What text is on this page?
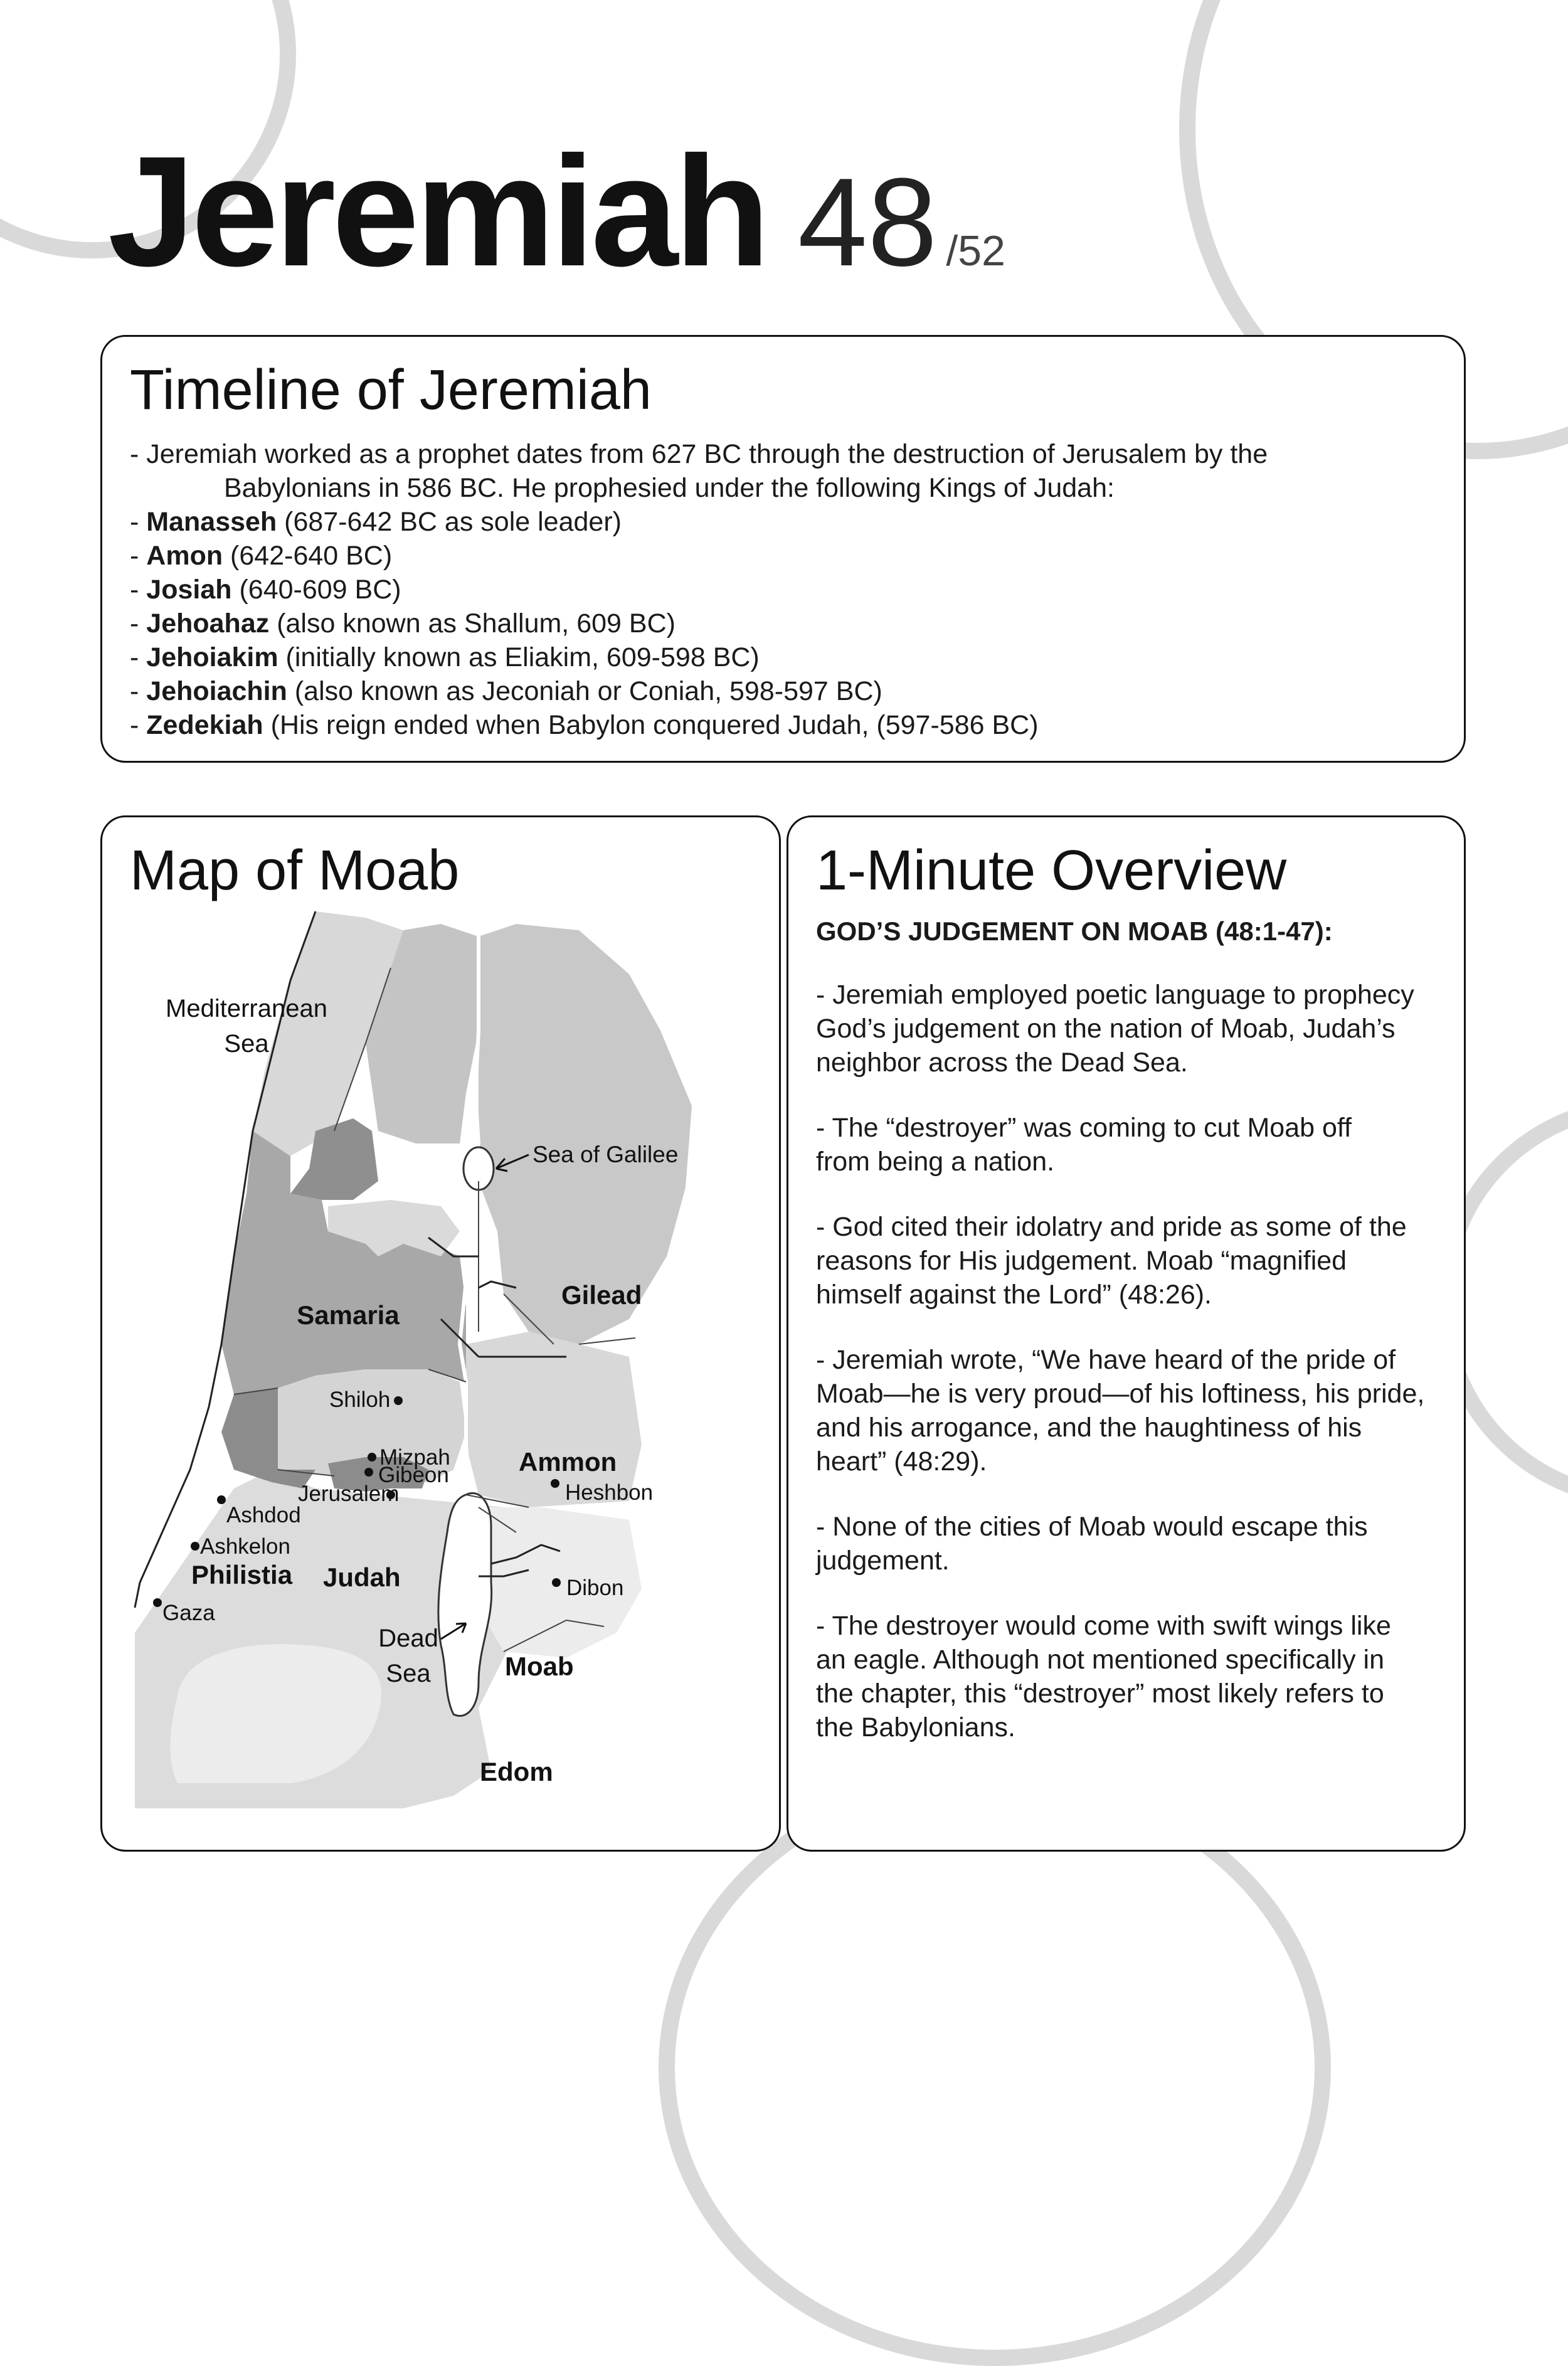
Jeremiah 48 /52
Timeline of Jeremiah
- Jeremiah worked as a prophet dates from 627 BC through the destruction of Jerusalem by the
Babylonians in 586 BC. He prophesied under the following Kings of Judah:
- Manasseh (687-642 BC as sole leader)
- Amon (642-640 BC)
- Josiah (640-609 BC)
- Jehoahaz (also known as Shallum, 609 BC)
- Jehoiakim (initially known as Eliakim, 609-598 BC)
- Jehoiachin (also known as Jeconiah or Coniah, 598-597 BC)
- Zedekiah (His reign ended when Babylon conquered Judah, (597-586 BC)
Map of Moab
Mediterranean
Sea
Sea of Galilee
Gilead
Samaria
Shiloh
Mizpah
Gibeon
Jerusalem
Ammon
Heshbon
Ashdod
Ashkelon
Philistia Judah
Gaza
Dibon
Dead
Sea	Moab
Edom
1-Minute Overview
GOD’S JUDGEMENT ON MOAB (48:1-47):
- Jeremiah employed poetic language to prophecy
God’s judgement on the nation of Moab, Judah’s
neighbor across the Dead Sea.
- The “destroyer” was coming to cut Moab off
from being a nation.
- God cited their idolatry and pride as some of the
reasons for His judgement. Moab “magnified
himself against the Lord” (48:26).
- Jeremiah wrote, “We have heard of the pride of
Moab—he is very proud—of his loftiness, his pride,
and his arrogance, and the haughtiness of his
heart” (48:29).
- None of the cities of Moab would escape this
judgement.
- The destroyer would come with swift wings like
an eagle. Although not mentioned specifically in
the chapter, this “destroyer” most likely refers to
the Babylonians.
